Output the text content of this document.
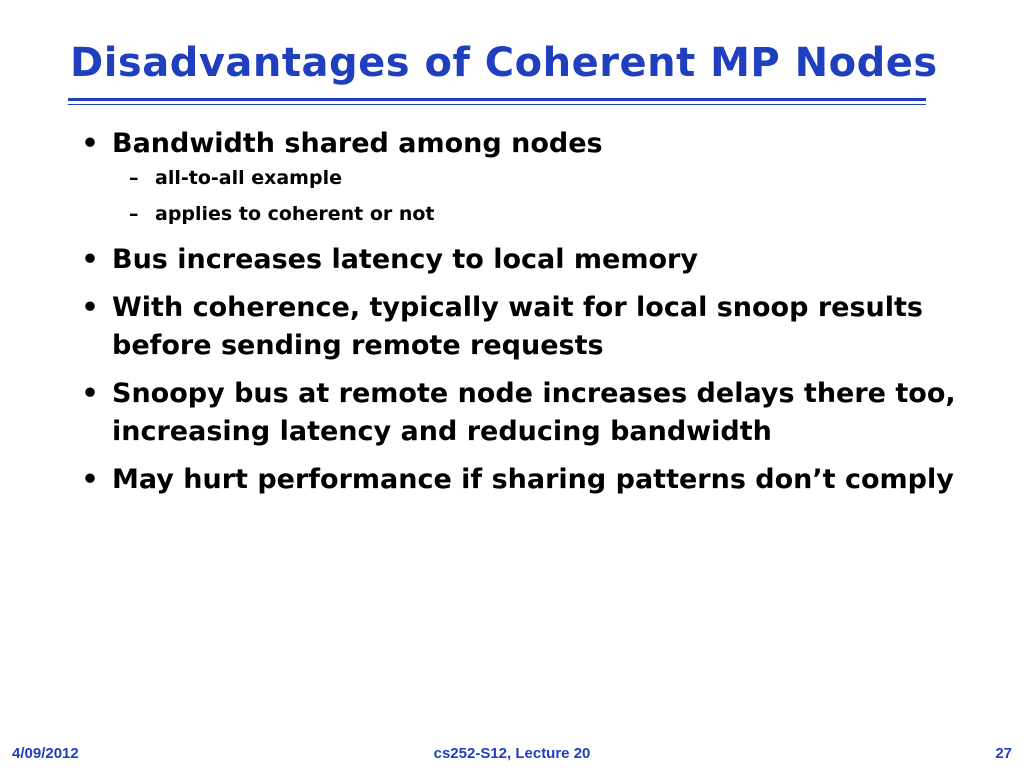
Disadvantages of Coherent MP Nodes
• Bandwidth shared among nodes
– all-to-all example
– applies to coherent or not
• Bus increases latency to local memory
• With coherence, typically wait for local snoop results before sending remote requests
• Snoopy bus at remote node increases delays there too, increasing latency and reducing bandwidth
• May hurt performance if sharing patterns don’t comply
4/09/2012	cs252-S12, Lecture 20	27
